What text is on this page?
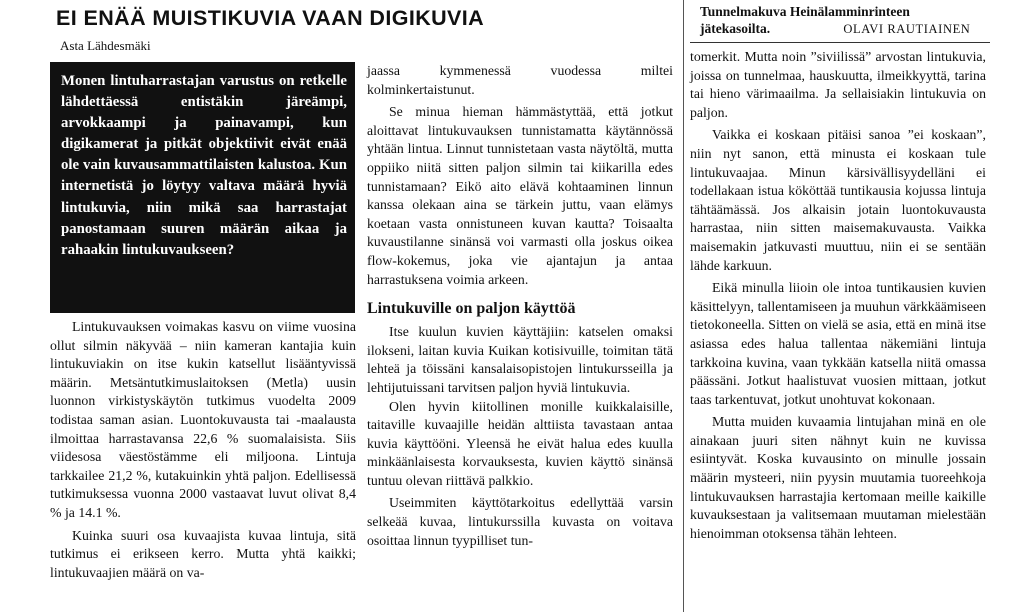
EI ENÄÄ MUISTIKUVIA VAAN DIGIKUVIA
Asta Lähdesmäki
Tunnelmakuva Heinälamminrinteen
jätekasoilta.	OLAVI RAUTIAINEN
Monen lintuharrastajan varustus on retkelle lähdettäessä entistäkin järeämpi, arvokkaampi ja painavampi, kun digikamerat ja pitkät objektiivit eivät enää ole vain kuvausammattilaisten kalustoa. Kun internetistä jo löytyy valtava määrä hyviä lintukuvia, niin mikä saa harrastajat panostamaan suuren määrän aikaa ja rahaakin lintukuvaukseen?

Lintukuvauksen voimakas kasvu on viime vuosina ollut silmin näkyvää – niin kameran kantajia kuin lintukuviakin on itse kukin katsellut lisääntyvissä määrin. Metsäntutkimuslaitoksen (Metla) uusin luonnon virkistyskäytön tutkimus vuodelta 2009 todistaa saman asian. Luontokuvausta tai -maalausta ilmoittaa harrastavansa 22,6 % suomalaisista. Siis viidesosa väestöstämme eli miljoona. Lintuja tarkkailee 21,2 %, kutakuinkin yhtä paljon. Edellisessä tutkimuksessa vuonna 2000 vastaavat luvut olivat 8,4 % ja 14.1 %.

Kuinka suuri osa kuvaajista kuvaa lintuja, sitä tutkimus ei erikseen kerro. Mutta yhtä kaikki; lintukuvaajien määrä on va-

jaassa kymmenessä vuodessa miltei kolminkertaistunut.

Se minua hieman hämmästyttää, että jotkut aloittavat lintukuvauksen tunnistamatta käytännössä yhtään lintua. Linnut tunnistetaan vasta näytöltä, mutta oppiiko niitä sitten paljon silmin tai kiikarilla edes tunnistamaan? Eikö aito elävä kohtaaminen linnun kanssa olekaan aina se tärkein juttu, vaan elämys koetaan vasta onnistuneen kuvan kautta? Toisaalta kuvaustilanne sinänsä voi varmasti olla joskus oikea flow-kokemus, joka vie ajantajun ja antaa harrastuksena voimia arkeen.

Lintukuville on paljon käyttöä

Itse kuulun kuvien käyttäjiin: katselen omaksi ilokseni, laitan kuvia Kuikan kotisivuille, toimitan tätä lehteä ja töissäni kansalaisopistojen lintukursseilla ja lehtijutuissani tarvitsen paljon hyviä lintukuvia.

Olen hyvin kiitollinen monille kuikkalaisille, taitaville kuvaajille heidän alttiista tavastaan antaa kuvia käyttööni. Yleensä he eivät halua edes kuulla minkäänlaisesta korvauksesta, kuvien käyttö sinänsä tuntuu olevan riittävä palkkio.

Useimmiten käyttötarkoitus edellyttää varsin selkeää kuvaa, lintukurssilla kuvasta on voitava osoittaa linnun tyypilliset tun-

tomerkit. Mutta noin ”siviilissä” arvostan lintukuvia, joissa on tunnelmaa, hauskuutta, ilmeikkyyttä, tarina tai hieno värimaailma. Ja sellaisiakin lintukuvia on paljon.

Vaikka ei koskaan pitäisi sanoa ”ei koskaan”, niin nyt sanon, että minusta ei koskaan tule lintukuvaajaa. Minun kärsivällisyydelläni ei todellakaan istua kököttää tuntikausia kojussa lintuja tähtäämässä. Jos alkaisin jotain luontokuvausta harrastaa, niin sitten maisemakuvausta. Vaikka maisemakin jatkuvasti muuttuu, niin ei se sentään lähde karkuun.

Eikä minulla liioin ole intoa tuntikausien kuvien käsittelyyn, tallentamiseen ja muuhun värkkäämiseen tietokoneella. Sitten on vielä se asia, että en minä itse asiassa edes halua tallentaa näkemiäni lintuja tarkkoina kuvina, vaan tykkään katsella niitä omassa päässäni. Jotkut haalistuvat vuosien mittaan, jotkut taas tarkentuvat, jotkut unohtuvat kokonaan.

Mutta muiden kuvaamia lintujahan minä en ole ainakaan juuri siten nähnyt kuin ne kuvissa esiintyvät. Koska kuvausinto on minulle jossain määrin mysteeri, niin pyysin muutamia tuoreehkoja lintukuvauksen harrastajia kertomaan meille kaikille kuvauksestaan ja valitsemaan muutaman mielestään hienoimman otoksensa tähän lehteen.
